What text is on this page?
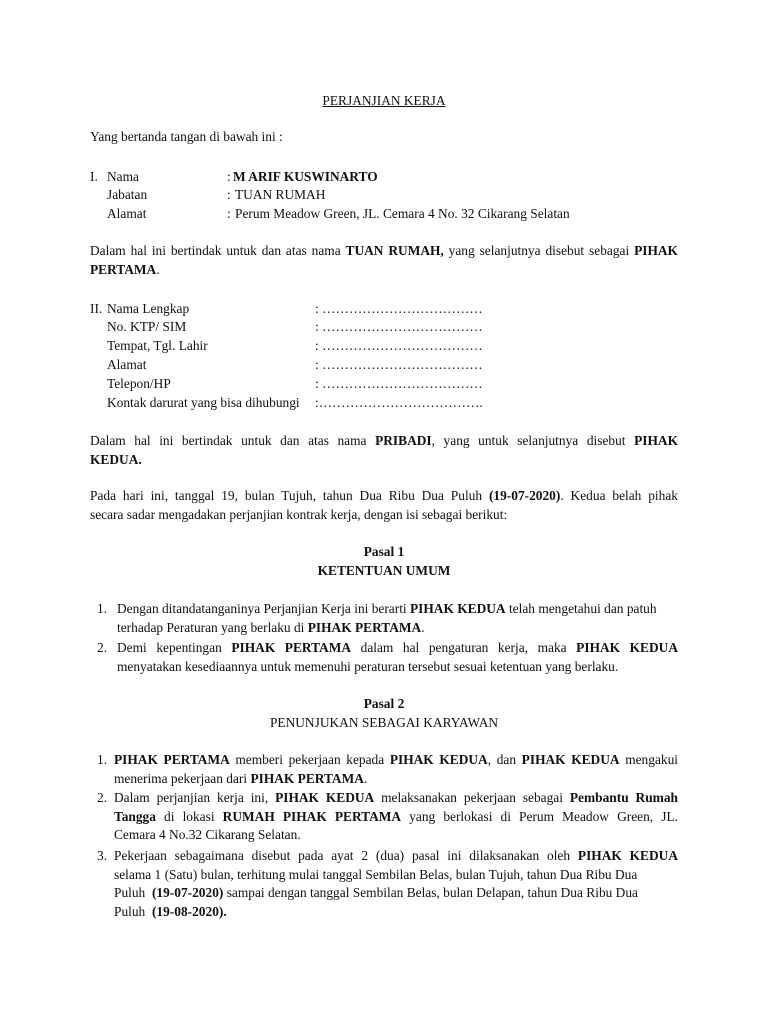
PERJANJIAN KERJA
Yang bertanda tangan di bawah ini :
I. Nama	: M ARIF KUSWINARTO
Jabatan	: TUAN RUMAH
Alamat	: Perum Meadow Green, JL. Cemara 4 No. 32 Cikarang Selatan
Dalam hal ini bertindak untuk dan atas nama TUAN RUMAH, yang selanjutnya disebut sebagai PIHAK
PERTAMA.
II. Nama Lengkap	: ………………………………
No. KTP/ SIM	: ………………………………
Tempat, Tgl. Lahir	: ………………………………
Alamat	: ………………………………
Telepon/HP	: ………………………………
Kontak darurat yang bisa dihubungi :……………………………….
Dalam hal ini bertindak untuk dan atas nama PRIBADI, yang untuk selanjutnya disebut PIHAK
KEDUA.
Pada hari ini, tanggal 19, bulan Tujuh, tahun Dua Ribu Dua Puluh (19-07-2020). Kedua belah pihak
secara sadar mengadakan perjanjian kontrak kerja, dengan isi sebagai berikut:
Pasal 1
KETENTUAN UMUM
1. Dengan ditandatanganinya Perjanjian Kerja ini berarti PIHAK KEDUA telah mengetahui dan patuh
terhadap Peraturan yang berlaku di PIHAK PERTAMA.
2. Demi kepentingan PIHAK PERTAMA dalam hal pengaturan kerja, maka PIHAK KEDUA
menyatakan kesediaannya untuk memenuhi peraturan tersebut sesuai ketentuan yang berlaku.
Pasal 2
PENUNJUKAN SEBAGAI KARYAWAN
1. PIHAK PERTAMA memberi pekerjaan kepada PIHAK KEDUA, dan PIHAK KEDUA mengakui
menerima pekerjaan dari PIHAK PERTAMA.
2. Dalam perjanjian kerja ini, PIHAK KEDUA melaksanakan pekerjaan sebagai Pembantu Rumah
Tangga di lokasi RUMAH PIHAK PERTAMA yang berlokasi di Perum Meadow Green, JL.
Cemara 4 No.32 Cikarang Selatan.
3. Pekerjaan sebagaimana disebut pada ayat 2 (dua) pasal ini dilaksanakan oleh PIHAK KEDUA
selama 1 (Satu) bulan, terhitung mulai tanggal Sembilan Belas, bulan Tujuh, tahun Dua Ribu Dua
Puluh  (19-07-2020) sampai dengan tanggal Sembilan Belas, bulan Delapan, tahun Dua Ribu Dua
Puluh  (19-08-2020).
